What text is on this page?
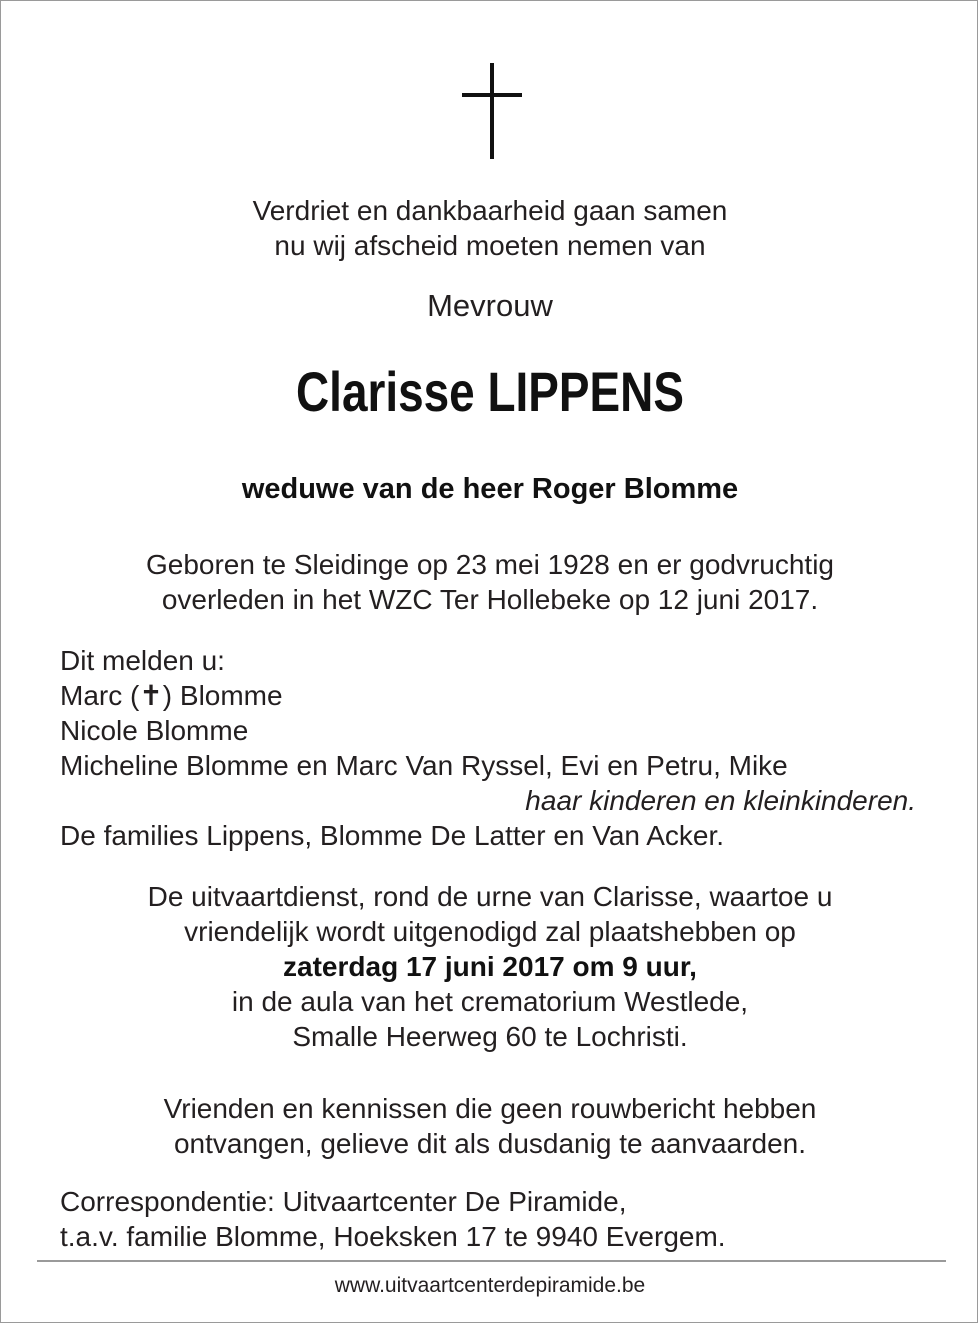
Verdriet en dankbaarheid gaan samen
nu wij afscheid moeten nemen van
Mevrouw
Clarisse LIPPENS
weduwe van de heer Roger Blomme
Geboren te Sleidinge op 23 mei 1928 en er godvruchtig
overleden in het WZC Ter Hollebeke op 12 juni 2017.
Dit melden u:
Marc (✝) Blomme
Nicole Blomme
Micheline Blomme en Marc Van Ryssel, Evi en Petru, Mike
haar kinderen en kleinkinderen.
De families Lippens, Blomme De Latter en Van Acker.
De uitvaartdienst, rond de urne van Clarisse, waartoe u
vriendelijk wordt uitgenodigd zal plaatshebben op
zaterdag 17 juni 2017 om 9 uur,
in de aula van het crematorium Westlede,
Smalle Heerweg 60 te Lochristi.
Vrienden en kennissen die geen rouwbericht hebben
ontvangen, gelieve dit als dusdanig te aanvaarden.
Correspondentie: Uitvaartcenter De Piramide,
t.a.v. familie Blomme, Hoeksken 17 te 9940 Evergem.
www.uitvaartcenterdepiramide.be
